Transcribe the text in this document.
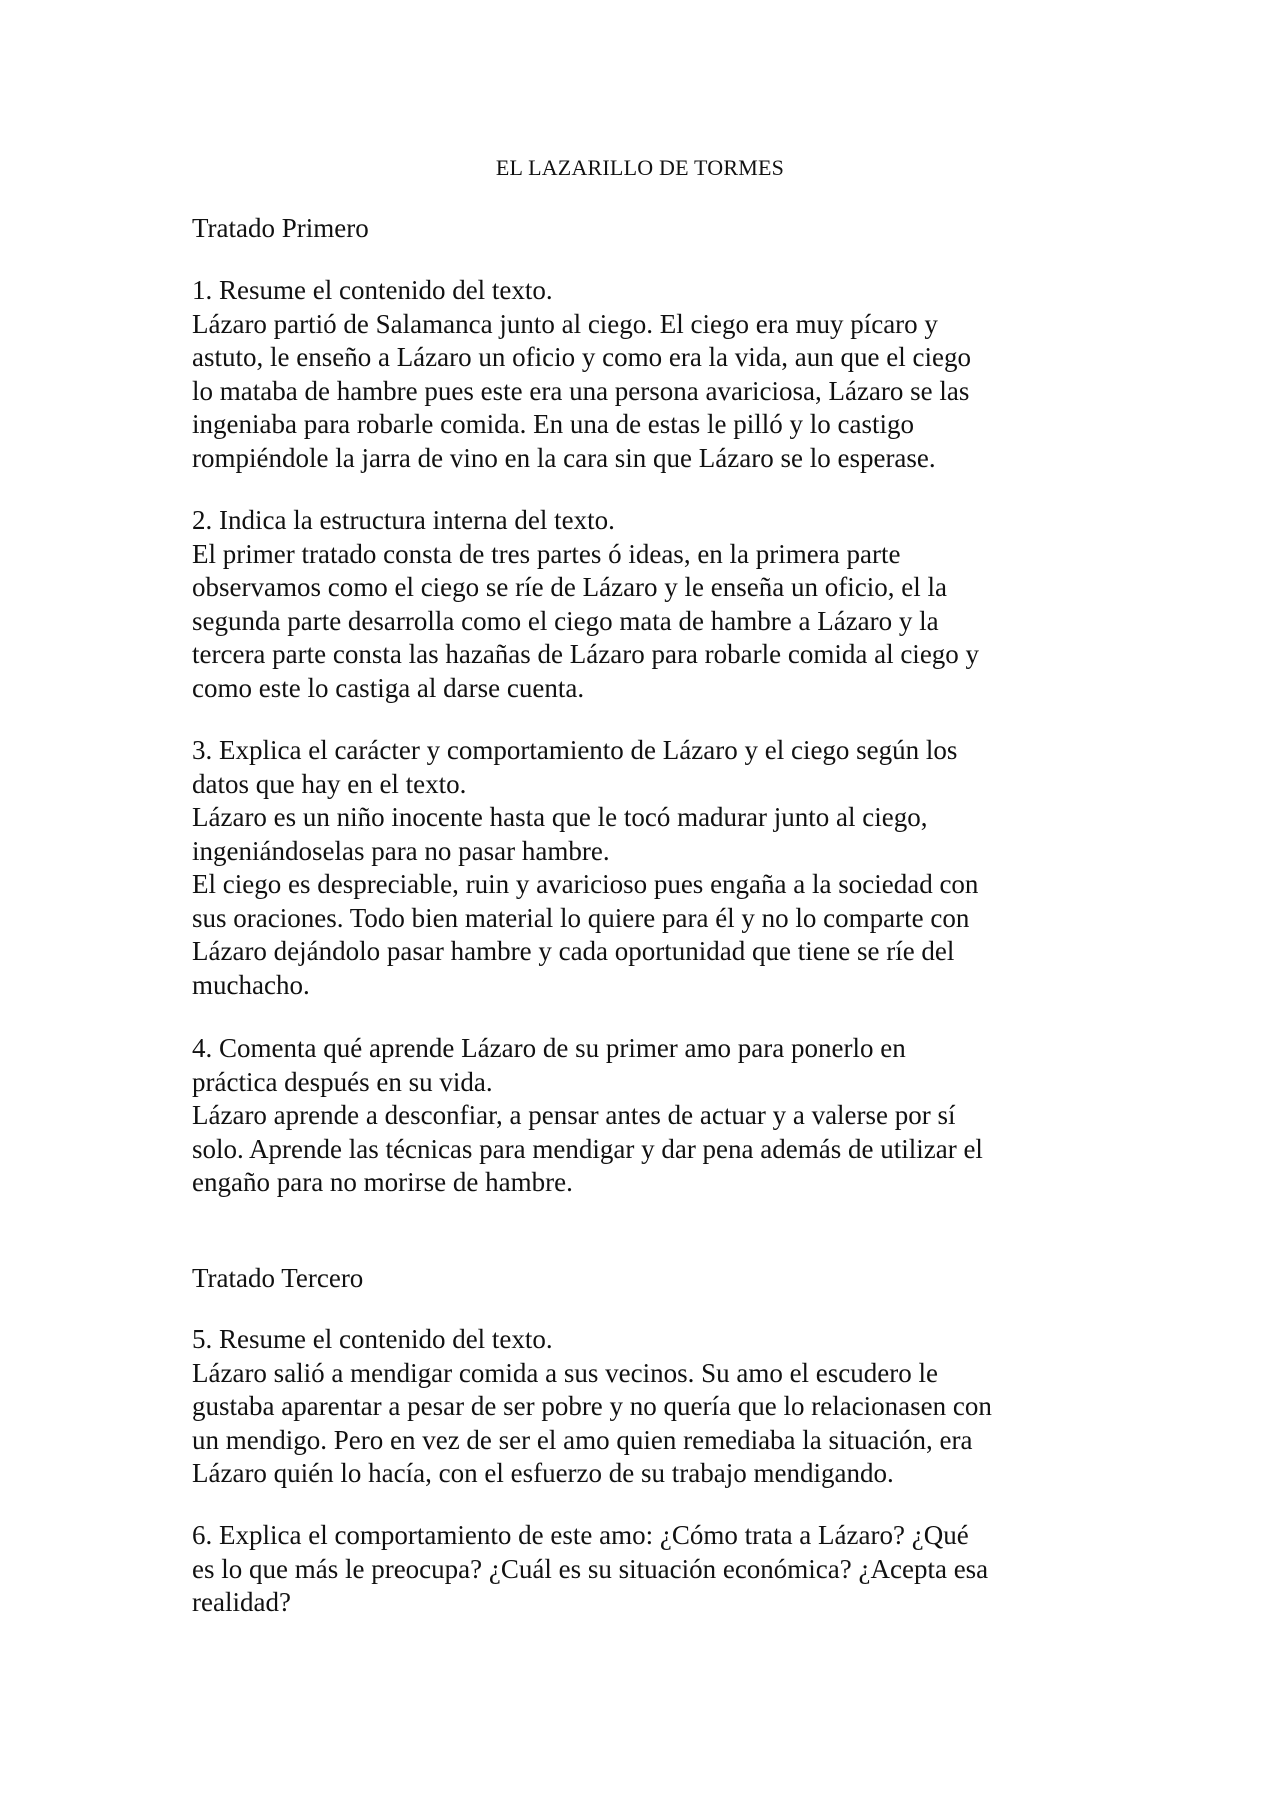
EL LAZARILLO DE TORMES
Tratado Primero
1. Resume el contenido del texto.
Lázaro partió de Salamanca junto al ciego. El ciego era muy pícaro y
astuto, le enseño a Lázaro un oficio y como era la vida, aun que el ciego
lo mataba de hambre pues este era una persona avariciosa, Lázaro se las
ingeniaba para robarle comida. En una de estas le pilló y lo castigo
rompiéndole la jarra de vino en la cara sin que Lázaro se lo esperase.
2. Indica la estructura interna del texto.
El primer tratado consta de tres partes ó ideas, en la primera parte
observamos como el ciego se ríe de Lázaro y le enseña un oficio, el la
segunda parte desarrolla como el ciego mata de hambre a Lázaro y la
tercera parte consta las hazañas de Lázaro para robarle comida al ciego y
como este lo castiga al darse cuenta.
3. Explica el carácter y comportamiento de Lázaro y el ciego según los
datos que hay en el texto.
Lázaro es un niño inocente hasta que le tocó madurar junto al ciego,
ingeniándoselas para no pasar hambre.
El ciego es despreciable, ruin y avaricioso pues engaña a la sociedad con
sus oraciones. Todo bien material lo quiere para él y no lo comparte con
Lázaro dejándolo pasar hambre y cada oportunidad que tiene se ríe del
muchacho.
4. Comenta qué aprende Lázaro de su primer amo para ponerlo en
práctica después en su vida.
Lázaro aprende a desconfiar, a pensar antes de actuar y a valerse por sí
solo. Aprende las técnicas para mendigar y dar pena además de utilizar el
engaño para no morirse de hambre.
Tratado Tercero
5. Resume el contenido del texto.
Lázaro salió a mendigar comida a sus vecinos. Su amo el escudero le
gustaba aparentar a pesar de ser pobre y no quería que lo relacionasen con
un mendigo. Pero en vez de ser el amo quien remediaba la situación, era
Lázaro quién lo hacía, con el esfuerzo de su trabajo mendigando.
6. Explica el comportamiento de este amo: ¿Cómo trata a Lázaro? ¿Qué
es lo que más le preocupa? ¿Cuál es su situación económica? ¿Acepta esa
realidad?
